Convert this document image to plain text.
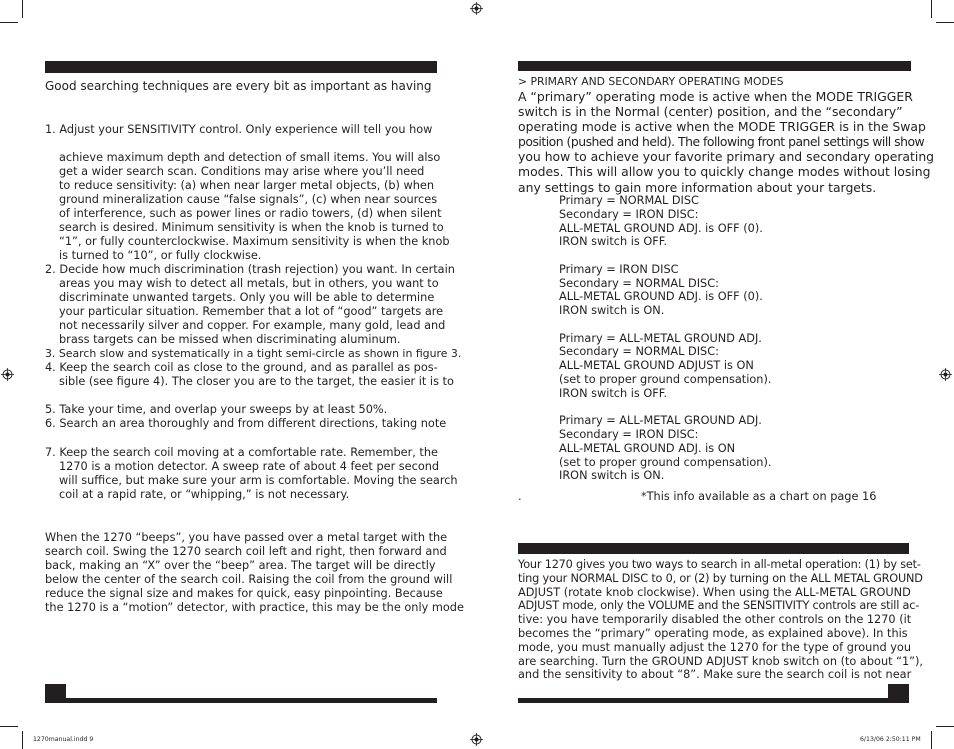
Good searching techniques are every bit as important as having
1. Adjust your SENSITIVITY control. Only experience will tell you how
achieve maximum depth and detection of small items. You will also
get a wider search scan. Conditions may arise where you’ll need
to reduce sensitivity: (a) when near larger metal objects, (b) when
ground mineralization cause “false signals”, (c) when near sources
of interference, such as power lines or radio towers, (d) when silent
search is desired. Minimum sensitivity is when the knob is turned to
“1”, or fully counterclockwise. Maximum sensitivity is when the knob
is turned to “10”, or fully clockwise.
2. Decide how much discrimination (trash rejection) you want. In certain
areas you may wish to detect all metals, but in others, you want to
discriminate unwanted targets. Only you will be able to determine
your particular situation. Remember that a lot of “good” targets are
not necessarily silver and copper. For example, many gold, lead and
brass targets can be missed when discriminating aluminum.
3. Search slow and systematically in a tight semi-circle as shown in figure 3.
4. Keep the search coil as close to the ground, and as parallel as pos-
sible (see figure 4). The closer you are to the target, the easier it is to
5. Take your time, and overlap your sweeps by at least 50%.
6. Search an area thoroughly and from different directions, taking note
7. Keep the search coil moving at a comfortable rate. Remember, the
1270 is a motion detector. A sweep rate of about 4 feet per second
will suffice, but make sure your arm is comfortable. Moving the search
coil at a rapid rate, or “whipping,” is not necessary.
When the 1270 “beeps”, you have passed over a metal target with the
search coil. Swing the 1270 search coil left and right, then forward and
back, making an “X” over the “beep” area. The target will be directly
below the center of the search coil. Raising the coil from the ground will
reduce the signal size and makes for quick, easy pinpointing. Because
the 1270 is a “motion” detector, with practice, this may be the only mode
> PRIMARY AND SECONDARY OPERATING MODES
A “primary” operating mode is active when the MODE TRIGGER
switch is in the Normal (center) position, and the “secondary”
operating mode is active when the MODE TRIGGER is in the Swap
position (pushed and held). The following front panel settings will show
you how to achieve your favorite primary and secondary operating
modes. This will allow you to quickly change modes without losing
any settings to gain more information about your targets.
Primary = NORMAL DISC
Secondary = IRON DISC:
ALL-METAL GROUND ADJ. is OFF (0).
IRON switch is OFF.
Primary = IRON DISC
Secondary = NORMAL DISC:
ALL-METAL GROUND ADJ. is OFF (0).
IRON switch is ON.
Primary = ALL-METAL GROUND ADJ.
Secondary = NORMAL DISC:
ALL-METAL GROUND ADJUST is ON
(set to proper ground compensation).
IRON switch is OFF.
Primary = ALL-METAL GROUND ADJ.
Secondary = IRON DISC:
ALL-METAL GROUND ADJ. is ON
(set to proper ground compensation).
IRON switch is ON.
.	*This info available as a chart on page 16
Your 1270 gives you two ways to search in all-metal operation: (1) by set-
ting your NORMAL DISC to 0, or (2) by turning on the ALL METAL GROUND
ADJUST (rotate knob clockwise). When using the ALL-METAL GROUND
ADJUST mode, only the VOLUME and the SENSITIVITY controls are still ac-
tive: you have temporarily disabled the other controls on the 1270 (it
becomes the “primary” operating mode, as explained above). In this
mode, you must manually adjust the 1270 for the type of ground you
are searching. Turn the GROUND ADJUST knob switch on (to about “1”),
and the sensitivity to about “8”. Make sure the search coil is not near
1270manual.indd 9	6/13/06 2:50:11 PM
